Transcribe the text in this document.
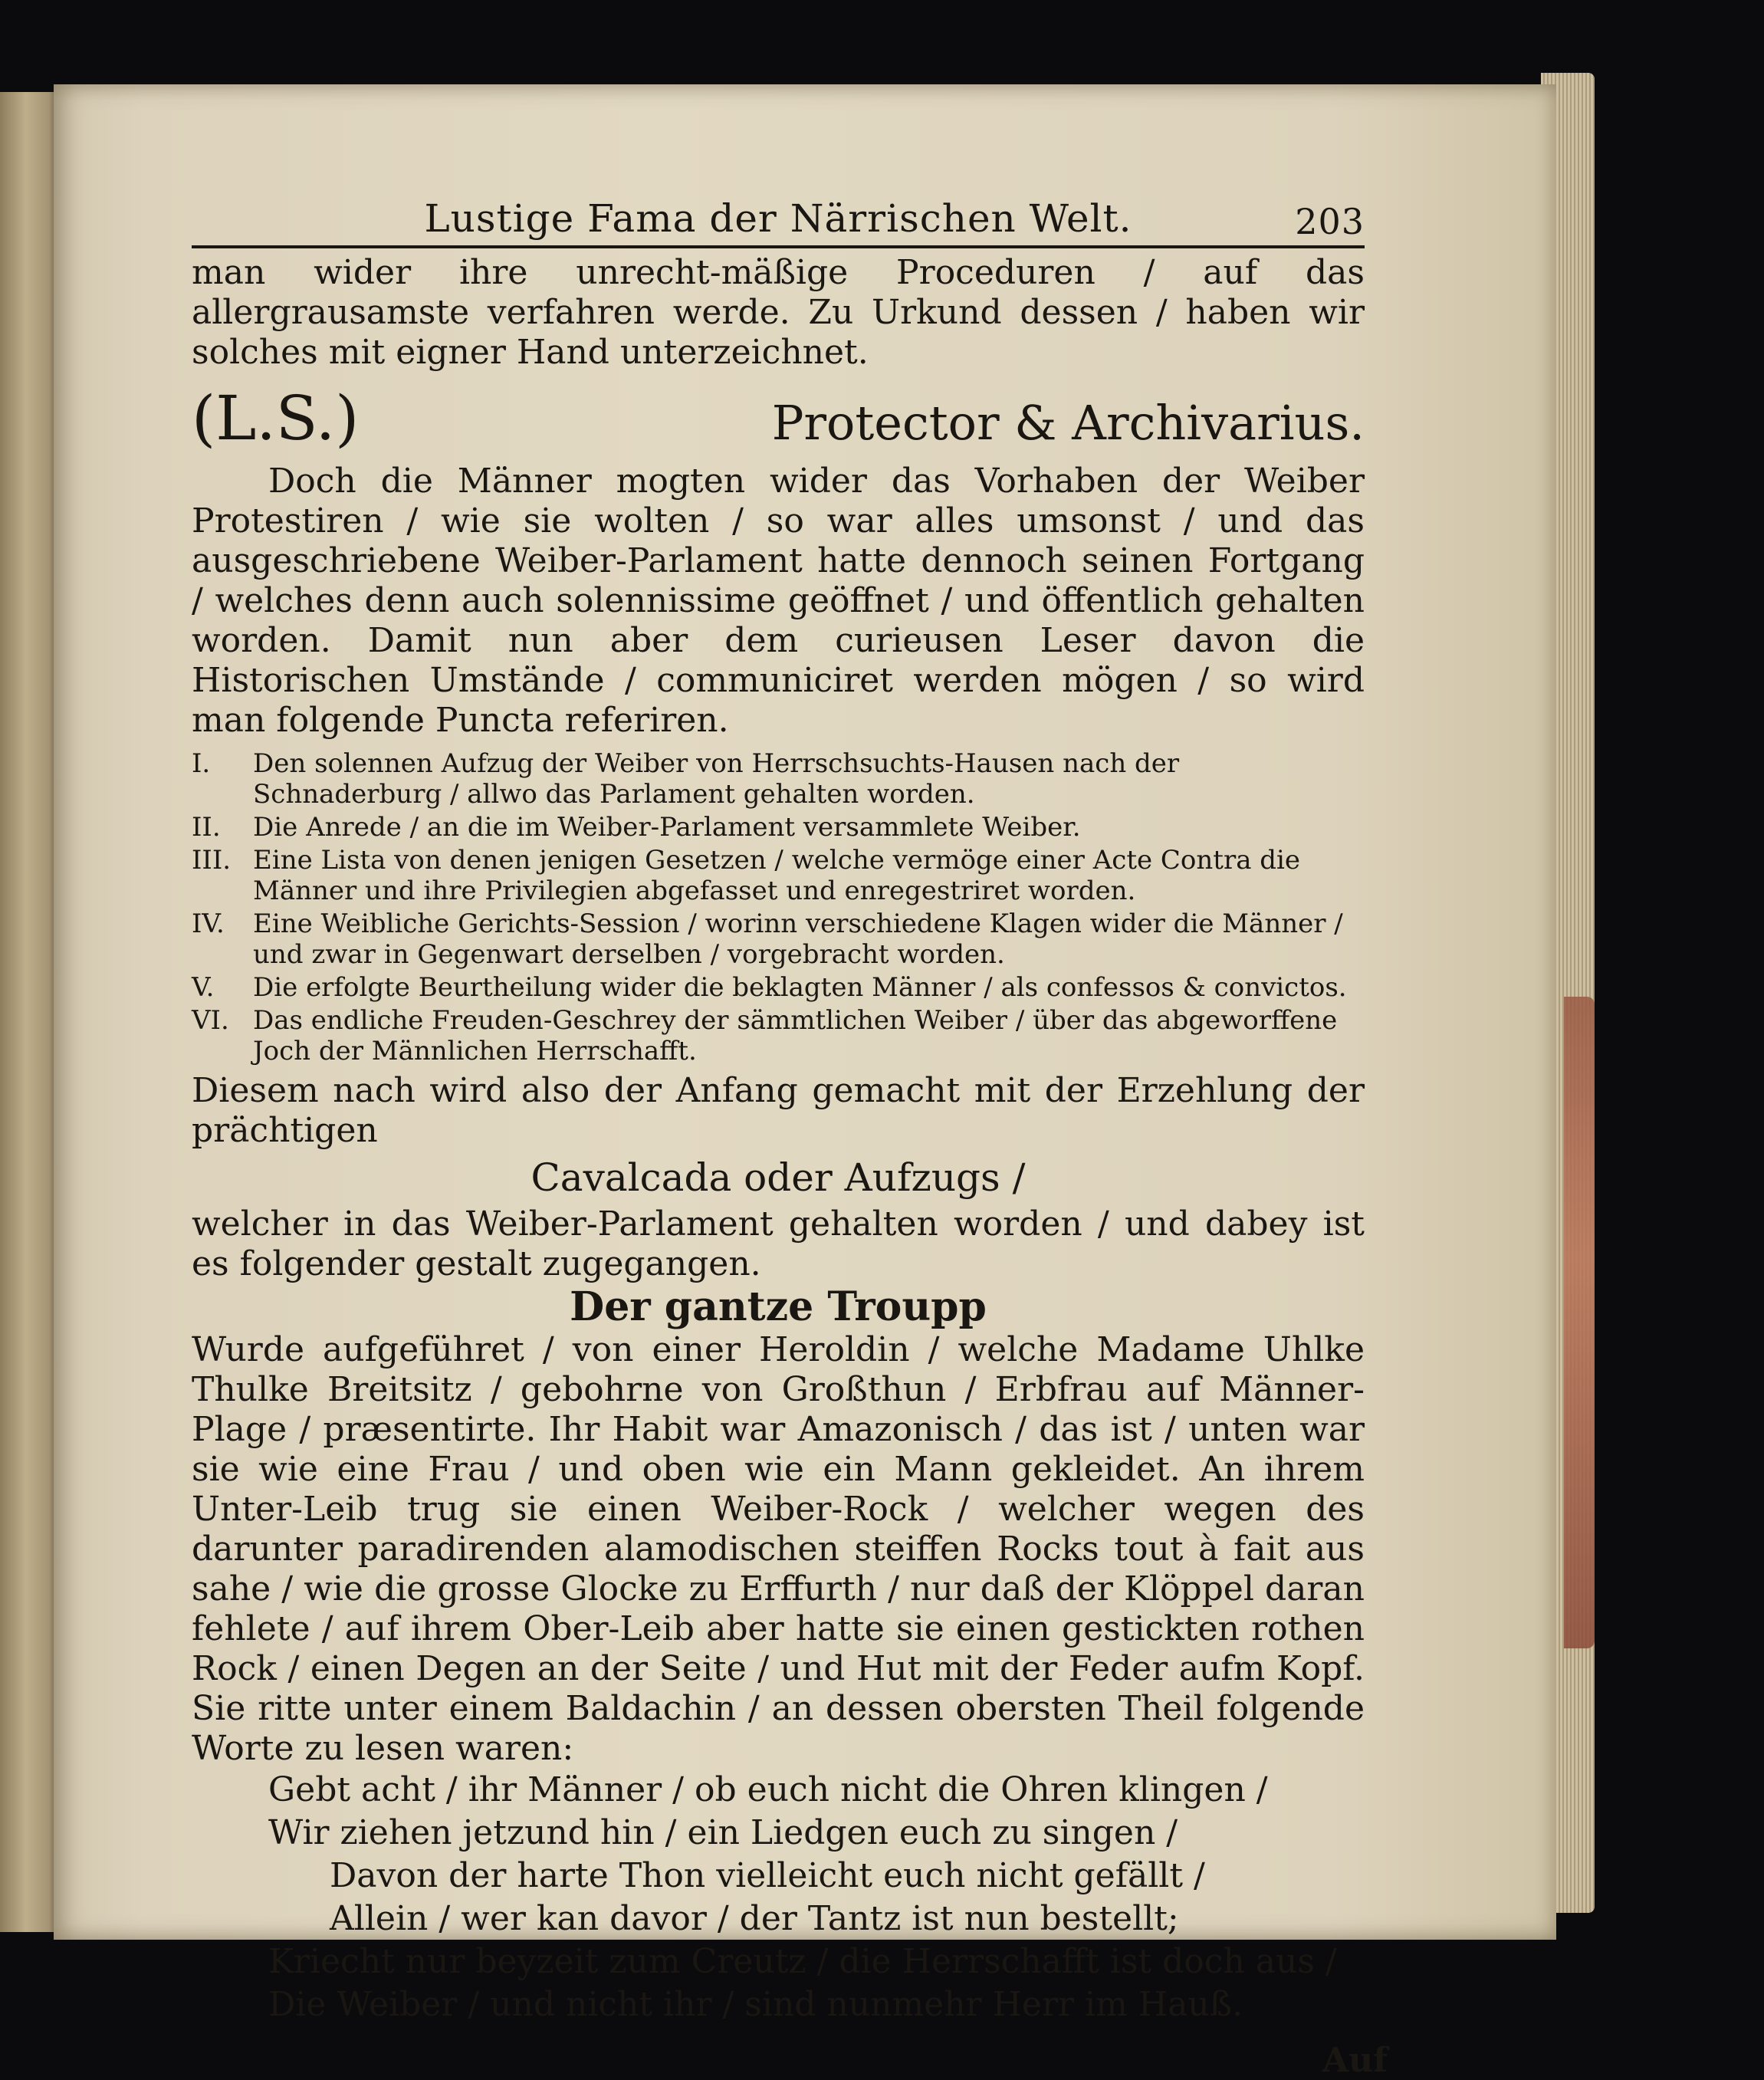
Lustige Fama der Närrischen Welt.	203

man wider ihre unrecht-mäßige Proceduren / auf das allergrausamste verfahren werde. Zu Urkund dessen / haben wir solches mit eigner Hand unterzeichnet.

(L.S.)	Protector & Archivarius.

Doch die Männer mogten wider das Vorhaben der Weiber Protestiren / wie sie wolten / so war alles umsonst / und das ausgeschriebene Weiber-Parlament hatte dennoch seinen Fortgang / welches denn auch solennissime geöffnet / und öffentlich gehalten worden. Damit nun aber dem curieusen Leser davon die Historischen Umstände / communiciret werden mögen / so wird man folgende Puncta referiren.

I.	Den solennen Aufzug der Weiber von Herrschsuchts-Hausen nach der Schnaderburg / allwo das Parlament gehalten worden.
II.	Die Anrede / an die im Weiber-Parlament versammlete Weiber.
III. Eine Lista von denen jenigen Gesetzen / welche vermöge einer Acte Contra die Männer und ihre Privilegien abgefasset und enregestriret worden.
IV.	Eine Weibliche Gerichts-Session / worinn verschiedene Klagen wider die Männer / und zwar in Gegenwart derselben / vorgebracht worden.
V.	Die erfolgte Beurtheilung wider die beklagten Männer / als confessos & convictos.
VI. Das endliche Freuden-Geschrey der sämmtlichen Weiber / über das abgeworffene Joch der Männlichen Herrschafft.

Diesem nach wird also der Anfang gemacht mit der Erzehlung der prächtigen

Cavalcada oder Aufzugs /

welcher in das Weiber-Parlament gehalten worden / und dabey ist es folgender gestalt zugegangen.

Der gantze Troupp

Wurde aufgeführet / von einer Heroldin / welche Madame Uhlke Thulke Breitsitz / gebohrne von Großthun / Erbfrau auf Männer-Plage / præsentirte. Ihr Habit war Amazonisch / das ist / unten war sie wie eine Frau / und oben wie ein Mann gekleidet. An ihrem Unter-Leib trug sie einen Weiber-Rock / welcher wegen des darunter paradirenden alamodischen steiffen Rocks tout à fait aus sahe / wie die grosse Glocke zu Erffurth / nur daß der Klöppel daran fehlete / auf ihrem Ober-Leib aber hatte sie einen gestickten rothen Rock / einen Degen an der Seite / und Hut mit der Feder aufm Kopf. Sie ritte unter einem Baldachin / an dessen obersten Theil folgende Worte zu lesen waren:

Gebt acht / ihr Männer / ob euch nicht die Ohren klingen /
Wir ziehen jetzund hin / ein Liedgen euch zu singen /
Davon der harte Thon vielleicht euch nicht gefällt /
Allein / wer kan davor / der Tantz ist nun bestellt;
Kriecht nur beyzeit zum Creutz / die Herrschafft ist doch aus /
Die Weiber / und nicht ihr / sind nunmehr Herr im Hauß.
Auf
